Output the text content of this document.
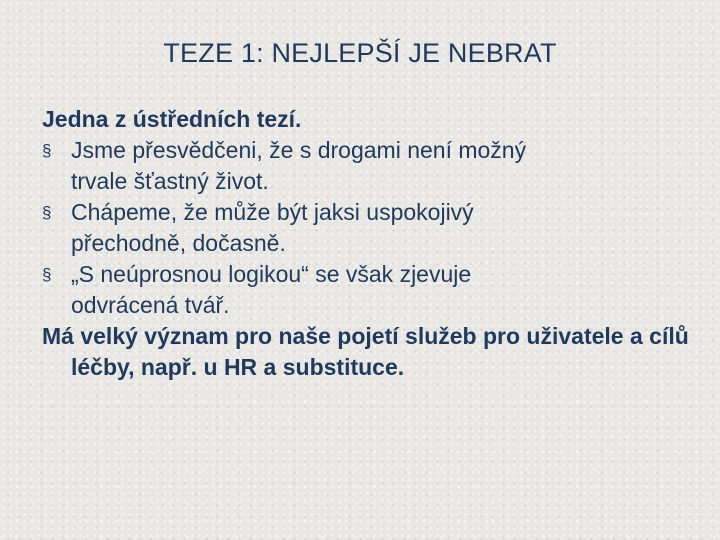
TEZE 1: NEJLEPŠÍ JE NEBRAT
Jedna z ústředních tezí.
§ Jsme přesvědčeni, že s drogami není možný
trvale šťastný život.
§ Chápeme, že může být jaksi uspokojivý
přechodně, dočasně.
§ „S neúprosnou logikou“ se však zjevuje
odvrácená tvář.
Má velký význam pro naše pojetí služeb pro uživatele a cílů léčby, např. u HR a substituce.
